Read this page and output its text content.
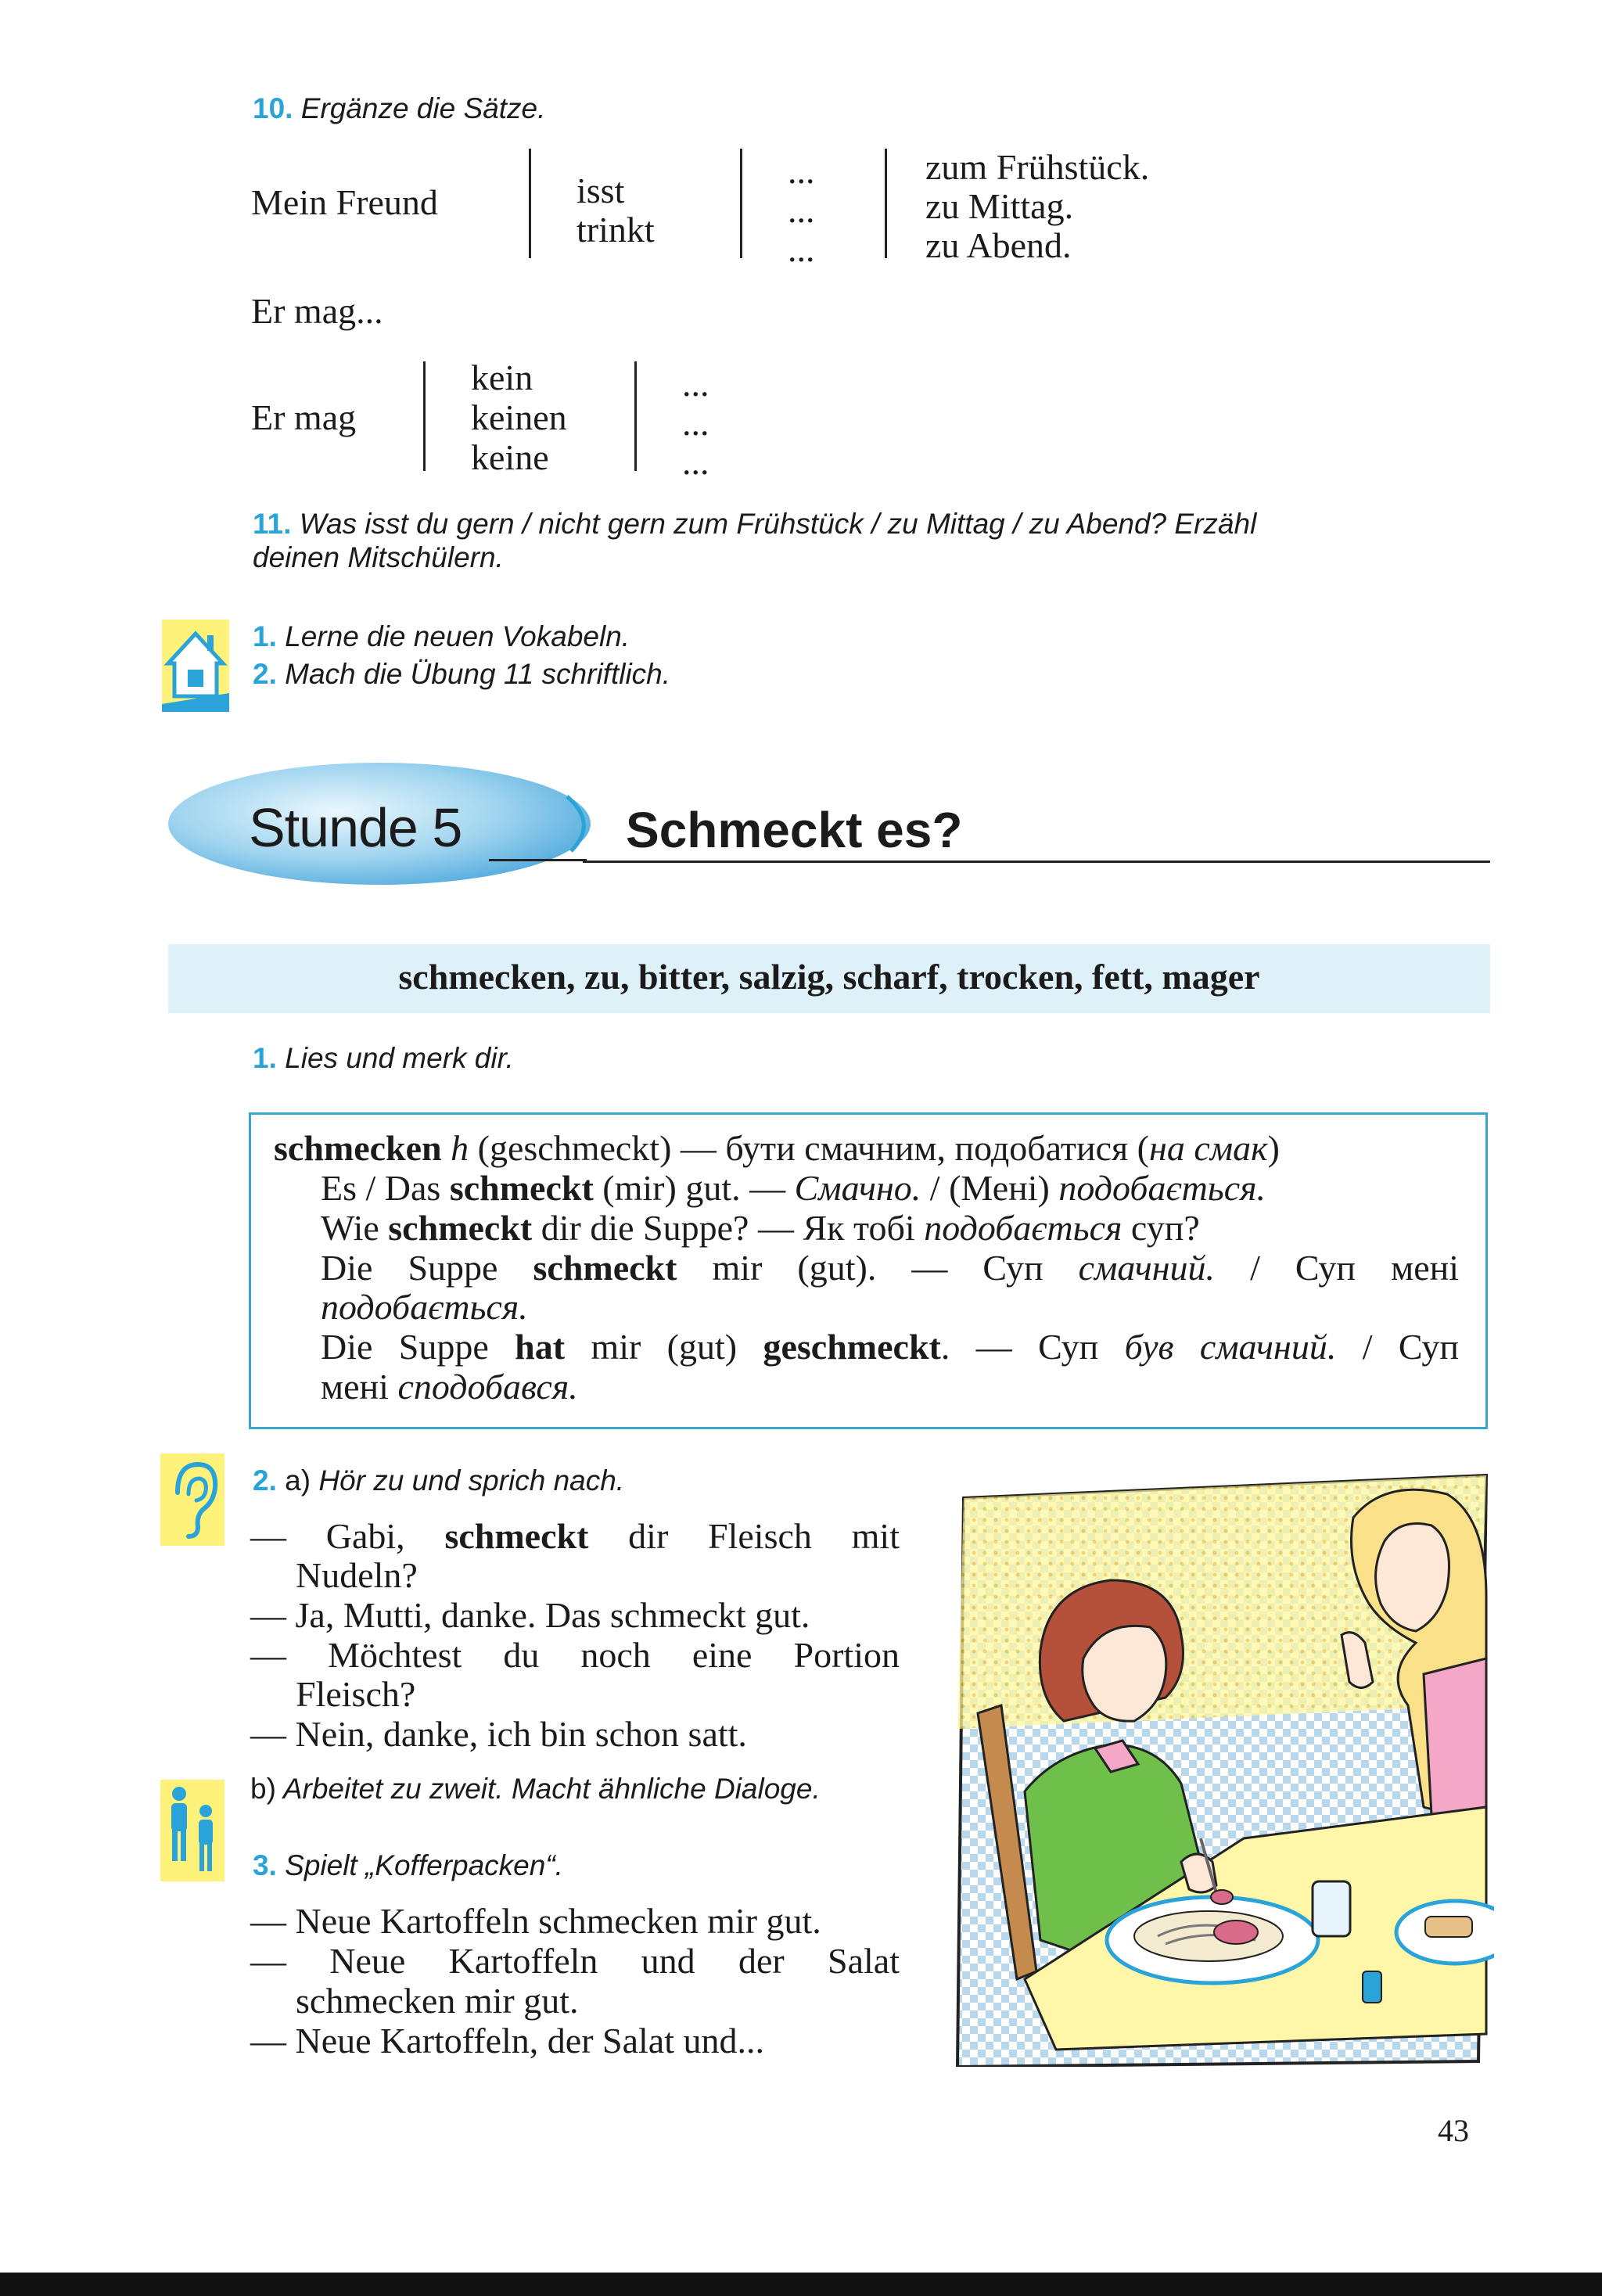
10. Ergänze die Sätze.
Mein Freund	isst
trinkt
...
...
...
zum Frühstück.
zu Mittag.
zu Abend.
Er mag...
Er mag
kein
keinen
keine
...
...
...
11. Was isst du gern / nicht gern zum Frühstück / zu Mittag / zu Abend? Erzähl
deinen Mitschülern.
1. Lerne die neuen Vokabeln.
2. Mach die Übung 11 schriftlich.
Stunde 5	Schmeckt es?
schmecken, zu, bitter, salzig, scharf, trocken, fett, mager
1. Lies und merk dir.
schmecken h (geschmeckt) — бути смачним, подобатися (на смак)
Es / Das schmeckt (mir) gut. — Смачно. / (Мені) подобається.
Wie schmeckt dir die Suppe? — Як тобі подобається суп?
Die Suppe schmeckt mir (gut). — Суп смачний. / Суп мені
подобається.
Die Suppe hat mir (gut) geschmeckt. — Суп був смачний. / Суп
мені сподобався.
2. a) Hör zu und sprich nach.
— Gabi, schmeckt dir Fleisch mit
Nudeln?
— Ja, Mutti, danke. Das schmeckt gut.
— Möchtest du noch eine Portion
Fleisch?
— Nein, danke, ich bin schon satt.
b) Arbeitet zu zweit. Macht ähnliche Dialoge.
3. Spielt „Kofferpacken“.
— Neue Kartoffeln schmecken mir gut.
— Neue Kartoffeln und der Salat
schmecken mir gut.
— Neue Kartoffeln, der Salat und...
43
